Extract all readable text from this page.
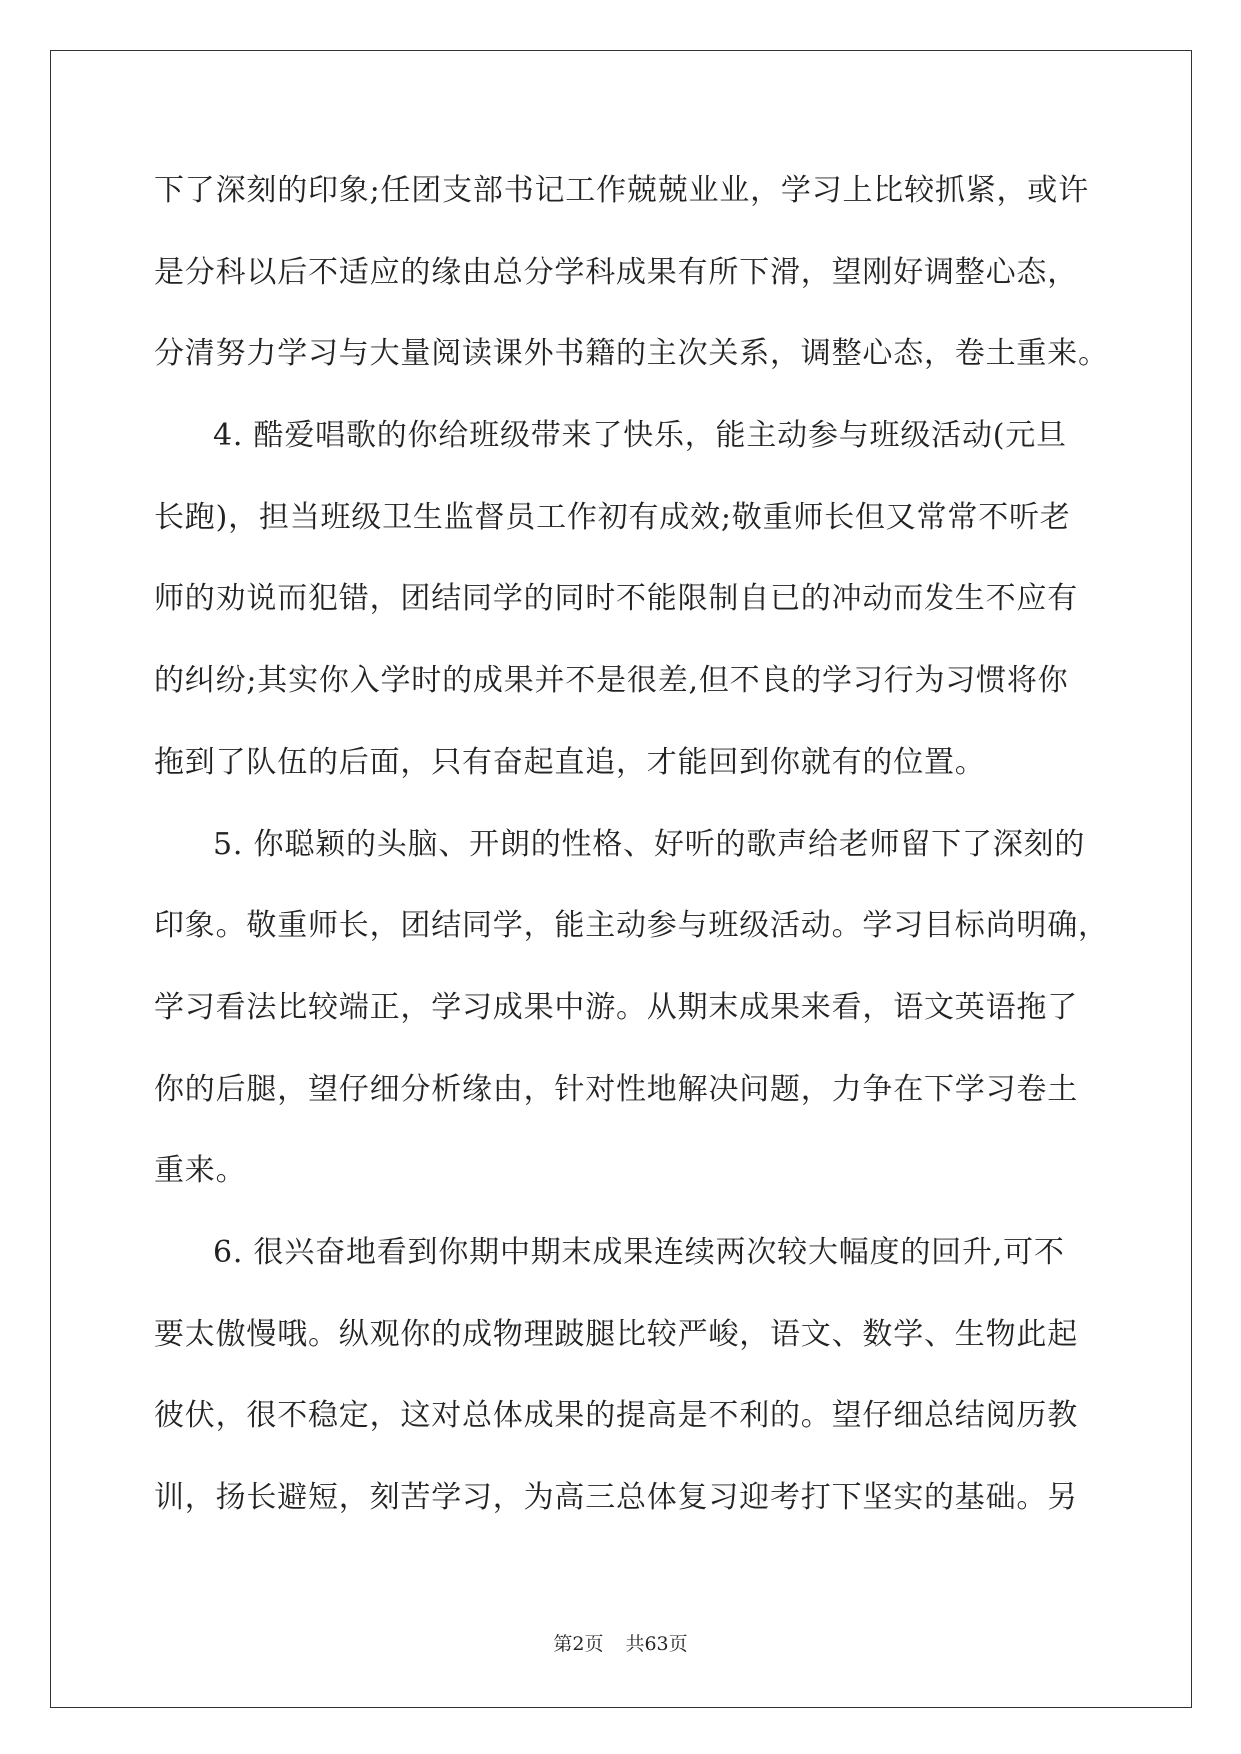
下了深刻的印象;任团支部书记工作兢兢业业，学习上比较抓紧，或许
是分科以后不适应的缘由总分学科成果有所下滑，望刚好调整心态，
分清努力学习与大量阅读课外书籍的主次关系，调整心态，卷土重来。
4. 酷爱唱歌的你给班级带来了快乐，能主动参与班级活动(元旦
长跑)，担当班级卫生监督员工作初有成效;敬重师长但又常常不听老
师的劝说而犯错，团结同学的同时不能限制自已的冲动而发生不应有
的纠纷;其实你入学时的成果并不是很差,但不良的学习行为习惯将你
拖到了队伍的后面，只有奋起直追，才能回到你就有的位置。
5. 你聪颖的头脑、开朗的性格、好听的歌声给老师留下了深刻的
印象。敬重师长，团结同学，能主动参与班级活动。学习目标尚明确，
学习看法比较端正，学习成果中游。从期末成果来看，语文英语拖了
你的后腿，望仔细分析缘由，针对性地解决问题，力争在下学习卷土
重来。
6. 很兴奋地看到你期中期末成果连续两次较大幅度的回升,可不
要太傲慢哦。纵观你的成物理跛腿比较严峻，语文、数学、生物此起
彼伏，很不稳定，这对总体成果的提高是不利的。望仔细总结阅历教
训，扬长避短，刻苦学习，为高三总体复习迎考打下坚实的基础。另
第2页 共63页
